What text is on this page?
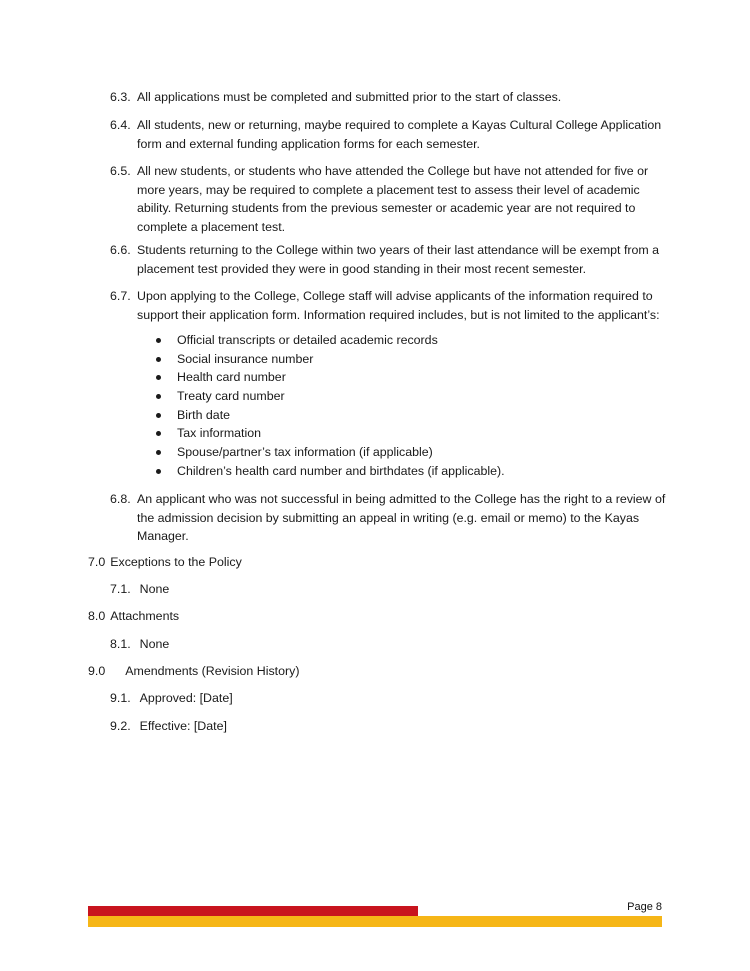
6.3. All applications must be completed and submitted prior to the start of classes.
6.4. All students, new or returning, maybe required to complete a Kayas Cultural College Application form and external funding application forms for each semester.
6.5. All new students, or students who have attended the College but have not attended for five or more years, may be required to complete a placement test to assess their level of academic ability. Returning students from the previous semester or academic year are not required to complete a placement test.
6.6. Students returning to the College within two years of their last attendance will be exempt from a placement test provided they were in good standing in their most recent semester.
6.7. Upon applying to the College, College staff will advise applicants of the information required to support their application form. Information required includes, but is not limited to the applicant’s:
Official transcripts or detailed academic records
Social insurance number
Health card number
Treaty card number
Birth date
Tax information
Spouse/partner’s tax information (if applicable)
Children’s health card number and birthdates (if applicable).
6.8. An applicant who was not successful in being admitted to the College has the right to a review of the admission decision by submitting an appeal in writing (e.g. email or memo) to the Kayas Manager.
7.0 Exceptions to the Policy
7.1. None
8.0 Attachments
8.1. None
9.0 Amendments (Revision History)
9.1. Approved: [Date]
9.2. Effective: [Date]
Page 8
